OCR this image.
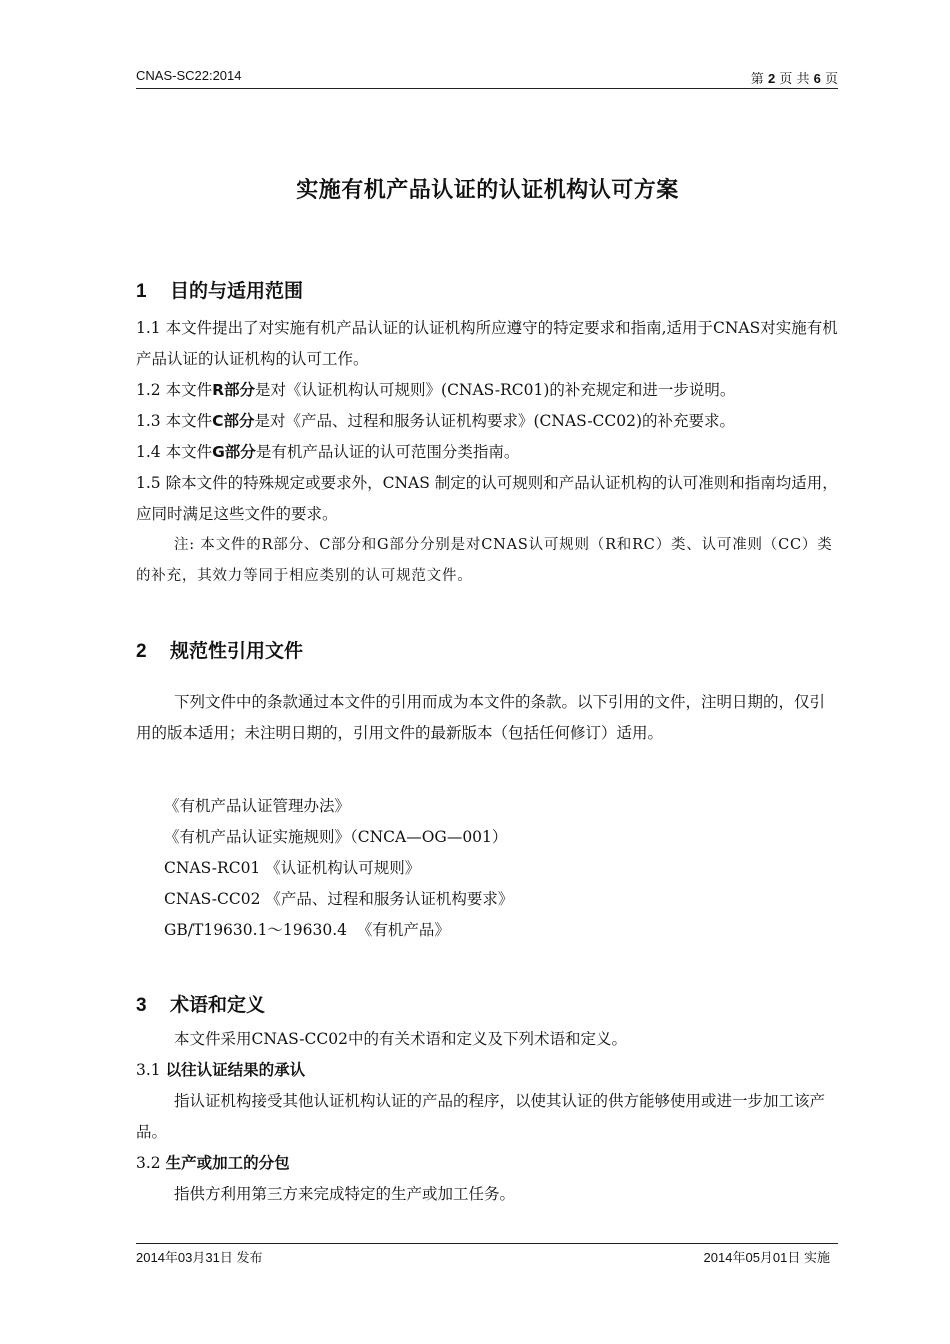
CNAS-SC22:2014	第 2 页 共 6 页
实施有机产品认证的认证机构认可方案
1 目的与适用范围
1.1 本文件提出了对实施有机产品认证的认证机构所应遵守的特定要求和指南,适用于CNAS对实施有机产品认证的认证机构的认可工作。
1.2 本文件R部分是对《认证机构认可规则》(CNAS-RC01)的补充规定和进一步说明。
1.3 本文件C部分是对《产品、过程和服务认证机构要求》(CNAS-CC02)的补充要求。
1.4 本文件G部分是有机产品认证的认可范围分类指南。
1.5 除本文件的特殊规定或要求外，CNAS 制定的认可规则和产品认证机构的认可准则和指南均适用，应同时满足这些文件的要求。
注: 本文件的R部分、C部分和G部分分别是对CNAS认可规则（R和RC）类、认可准则（CC）类的补充，其效力等同于相应类别的认可规范文件。
2 规范性引用文件
下列文件中的条款通过本文件的引用而成为本文件的条款。以下引用的文件，注明日期的，仅引用的版本适用；未注明日期的，引用文件的最新版本（包括任何修订）适用。
《有机产品认证管理办法》
《有机产品认证实施规则》（CNCA—OG—001）
CNAS-RC01 《认证机构认可规则》
CNAS-CC02 《产品、过程和服务认证机构要求》
GB/T19630.1～19630.4  《有机产品》
3 术语和定义
本文件采用CNAS-CC02中的有关术语和定义及下列术语和定义。
3.1 以往认证结果的承认
指认证机构接受其他认证机构认证的产品的程序，以使其认证的供方能够使用或进一步加工该产品。
3.2 生产或加工的分包
指供方利用第三方来完成特定的生产或加工任务。
2014年03月31日 发布	2014年05月01日 实施
